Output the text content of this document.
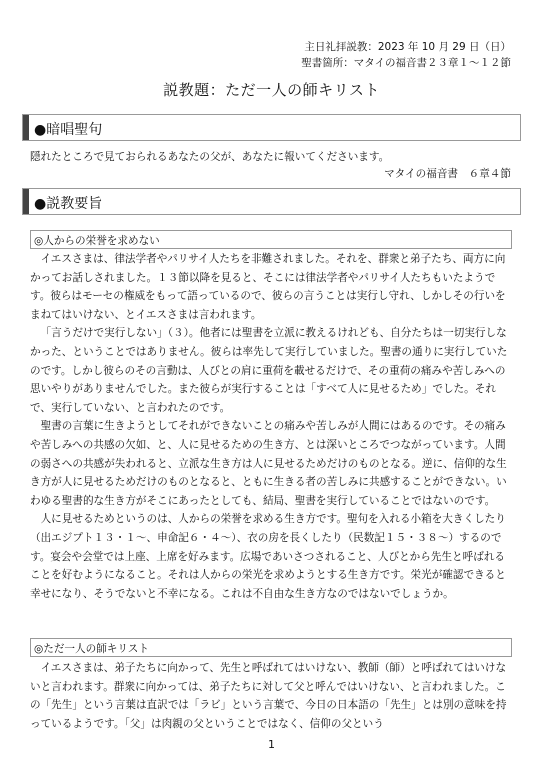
主日礼拝説教：2023 年 10 月 29 日（日）
聖書箇所：マタイの福音書２３章１～１２節
説教題：ただ一人の師キリスト
●暗唱聖句
隠れたところで見ておられるあなたの父が、あなたに報いてくださいます。
マタイの福音書　６章４節
●説教要旨
◎人からの栄誉を求めない

イエスさまは、律法学者やパリサイ人たちを非難されました。それを、群衆と弟子たち、両方に向かってお話しされました。１３節以降を見ると、そこには律法学者やパリサイ人たちもいたようです。彼らはモーセの権威をもって語っているので、彼らの言うことは実行し守れ、しかしその行いをまねてはいけない、とイエスさまは言われます。

「言うだけで実行しない」（３）。他者には聖書を立派に教えるけれども、自分たちは一切実行しなかった、ということではありません。彼らは率先して実行していました。聖書の通りに実行していたのです。しかし彼らのその言動は、人びとの肩に重荷を載せるだけで、その重荷の痛みや苦しみへの思いやりがありませんでした。また彼らが実行することは「すべて人に見せるため」でした。それで、実行していない、と言われたのです。

聖書の言葉に生きようとしてそれができないことの痛みや苦しみが人間にはあるのです。その痛みや苦しみへの共感の欠如、と、人に見せるための生き方、とは深いところでつながっています。人間の弱さへの共感が失われると、立派な生き方は人に見せるためだけのものとなる。逆に、信仰的な生き方が人に見せるためだけのものとなると、ともに生きる者の苦しみに共感することができない。いわゆる聖書的な生き方がそこにあったとしても、結局、聖書を実行していることではないのです。

人に見せるためというのは、人からの栄誉を求める生き方です。聖句を入れる小箱を大きくしたり（出エジプト１３・１～、申命記６・４～）、衣の房を長くしたり（民数記１５・３８～）するのです。宴会や会堂では上座、上席を好みます。広場であいさつされること、人びとから先生と呼ばれることを好むようになること。それは人からの栄光を求めようとする生き方です。栄光が確認できると幸せになり、そうでないと不幸になる。これは不自由な生き方なのではないでしょうか。

◎ただ一人の師キリスト

イエスさまは、弟子たちに向かって、先生と呼ばれてはいけない、教師（師）と呼ばれてはいけないと言われます。群衆に向かっては、弟子たちに対して父と呼んではいけない、と言われました。この「先生」という言葉は直訳では「ラビ」という言葉で、今日の日本語の「先生」とは別の意味を持っているようです。「父」は肉親の父ということではなく、信仰の父という

1
